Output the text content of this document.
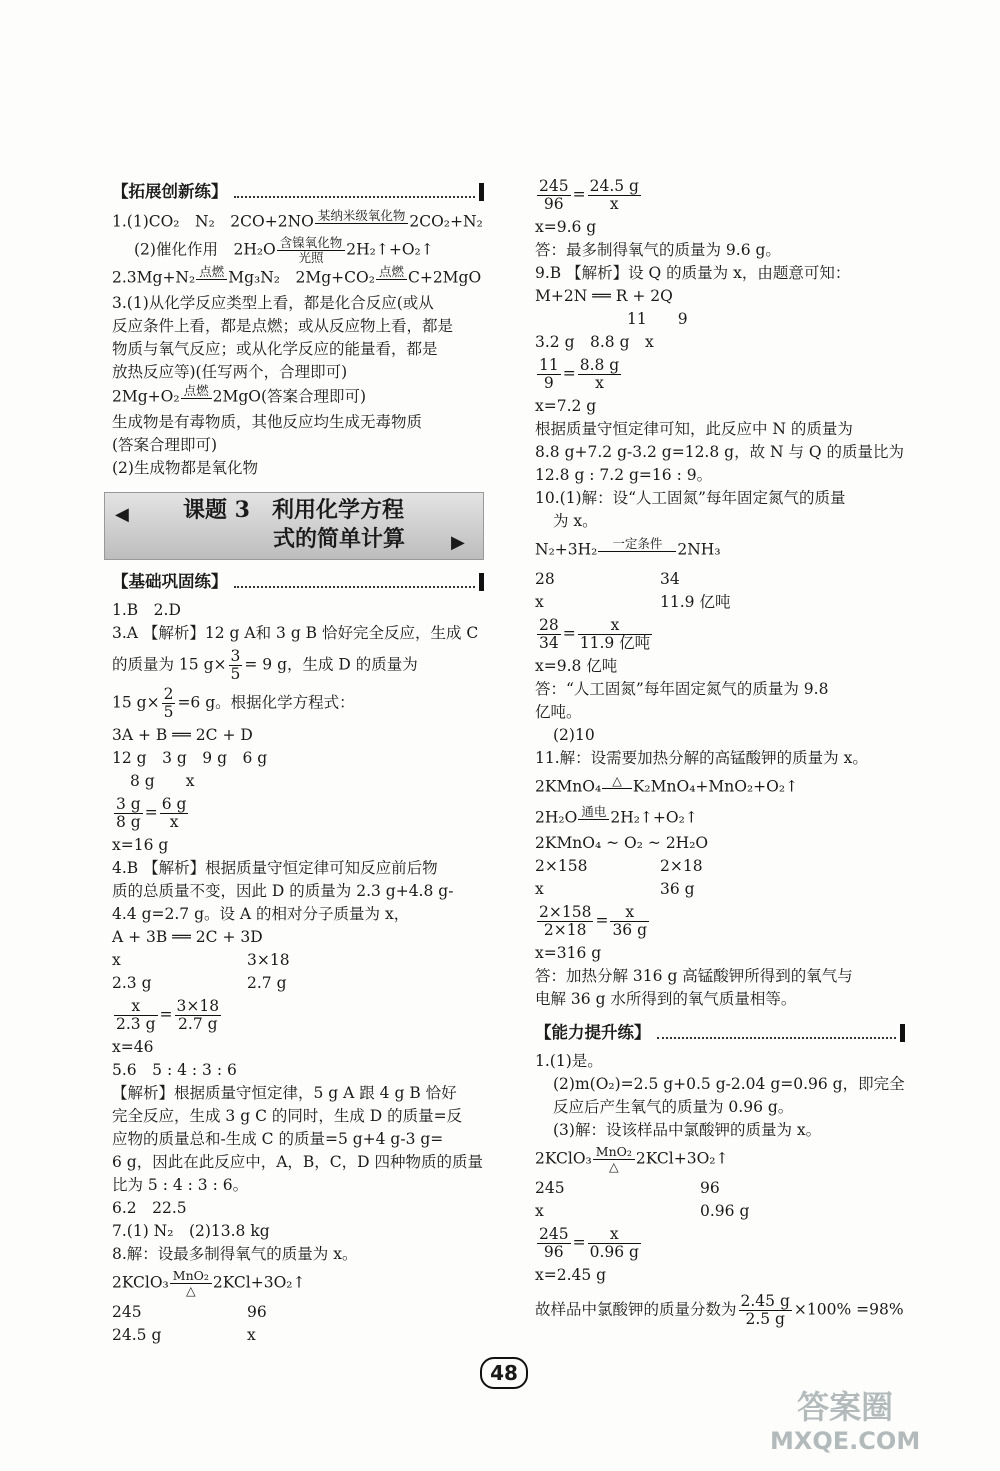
【拓展创新练】
1.(1)CO₂　N₂　2CO+2NO 某纳米级氧化物 2CO₂+N₂
(2)催化作用　2H₂O 含镍氧化物
光照	2H₂↑+O₂↑
2.3Mg+N₂ 点燃 Mg₃N₂　2Mg+CO₂ 点燃 C+2MgO
3.(1)从化学反应类型上看，都是化合反应(或从
反应条件上看，都是点燃；或从反应物上看，都是
物质与氧气反应；或从化学反应的能量看，都是
放热反应等)(任写两个，合理即可)
2Mg+O₂ 点燃 2MgO(答案合理即可)
生成物是有毒物质，其他反应均生成无毒物质
(答案合理即可)
(2)生成物都是氧化物
◀ 课题 3　利用化学方程
式的简单计算	▶
【基础巩固练】
1.B　2.D
3.A 【解析】12 g A和 3 g B 恰好完全反应，生成 C
的质量为 15 $g\times \frac{3}{5} = 9$ g，生成 D 的质量为
15 $g\times \frac{2}{5} =6$ g。根据化学方程式：
3A + B ══ 2C + D
12 g　3 g　9 g　6 g
8 g　　x
$\frac{3 g}{8 g} = \frac{6 g}{x}$
x=16 g
4.B 【解析】根据质量守恒定律可知反应前后物
质的总质量不变，因此 D 的质量为 2.3 g+4.8 g-
4.4 g=2.7 g。设 A 的相对分子质量为 x，
A + 3B ══ 2C + 3D
x	3×18
2.3 g	2.7 g
$\frac{x}{2.3 g} = \frac{3\times 18}{2.7 g}$
x=46
5.6　5 : 4 : 3 : 6
【解析】根据质量守恒定律，5 g A 跟 4 g B 恰好
完全反应，生成 3 g C 的同时，生成 D 的质量=反
应物的质量总和-生成 C 的质量=5 g+4 g-3 g=
6 g，因此在此反应中，A，B，C，D 四种物质的质量
比为 5 : 4 : 3 : 6。
6.2　22.5
7.(1) N₂　(2)13.8 kg
8.解：设最多制得氧气的质量为 x。
2KClO₃ MnO₂
△	2KCl+3O₂↑
245	96
24.5 g	x
$\frac{245}{96} = \frac{24.5 g}{x}$
x=9.6 g
答：最多制得氧气的质量为 9.6 g。
9.B 【解析】设 Q 的质量为 x，由题意可知：
M+2N ══ R + 2Q
11　　9
3.2 g　8.8 g　x
$\frac{11}{9} = \frac{8.8 g}{x}$
x=7.2 g
根据质量守恒定律可知，此反应中 N 的质量为
8.8 g+7.2 g-3.2 g=12.8 g，故 N 与 Q 的质量比为
12.8 g : 7.2 g=16 : 9。
10.(1)解：设“人工固氮”每年固定氮气的质量
为 x。
N₂+3H₂	一定条件 2NH₃
28	34
x	11.9 亿吨
$\frac{28}{34} = \frac{x}{\text{11.9 亿吨}}$
x=9.8 亿吨
答：“人工固氮”每年固定氮气的质量为 9.8
亿吨。
(2)10
11.解：设需要加热分解的高锰酸钾的质量为 x。
2KMnO₄ △ K₂MnO₄+MnO₂+O₂↑
2H₂O 通电 2H₂↑+O₂↑
2KMnO₄ ~ O₂ ~ 2H₂O
2×158	2×18
x	36 g
$\frac{2\times 158}{2\times 18} = \frac{x}{36 g}$
x=316 g
答：加热分解 316 g 高锰酸钾所得到的氧气与
电解 36 g 水所得到的氧气质量相等。
【能力提升练】
1.(1)是。
(2)m(O₂)=2.5 g+0.5 g-2.04 g=0.96 g，即完全
反应后产生氧气的质量为 0.96 g。
(3)解：设该样品中氯酸钾的质量为 x。
2KClO₃ MnO₂
△	2KCl+3O₂↑
245	96
x	0.96 g
$\frac{245}{96} = \frac{x}{0.96 g}$
x=2.45 g
故样品中氯酸钾的质量分数为 $\frac{2.45 g}{2.5 g} \times 100\% =98\%$
48
答案圈
MXQE.COM
